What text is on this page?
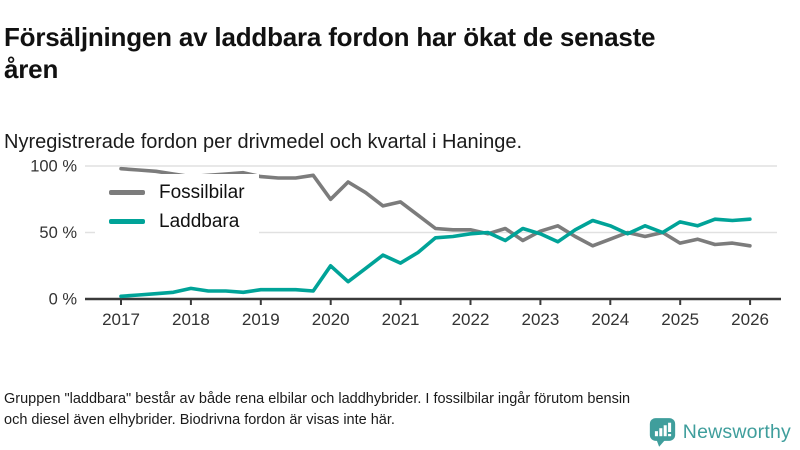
Försäljningen av laddbara fordon har ökat de senaste
åren

Nyregistrerade fordon per drivmedel och kvartal i Haninge.

0 %
50 %
100 %
2017 2018 2019 2020 2021 2022 2023 2024 2025 2026
Fossilbilar
Laddbara

Gruppen "laddbara" består av både rena elbilar och laddhybrider. I fossilbilar ingår förutom bensin
och diesel även elhybrider. Biodrivna fordon är visas inte här.

Newsworthy
